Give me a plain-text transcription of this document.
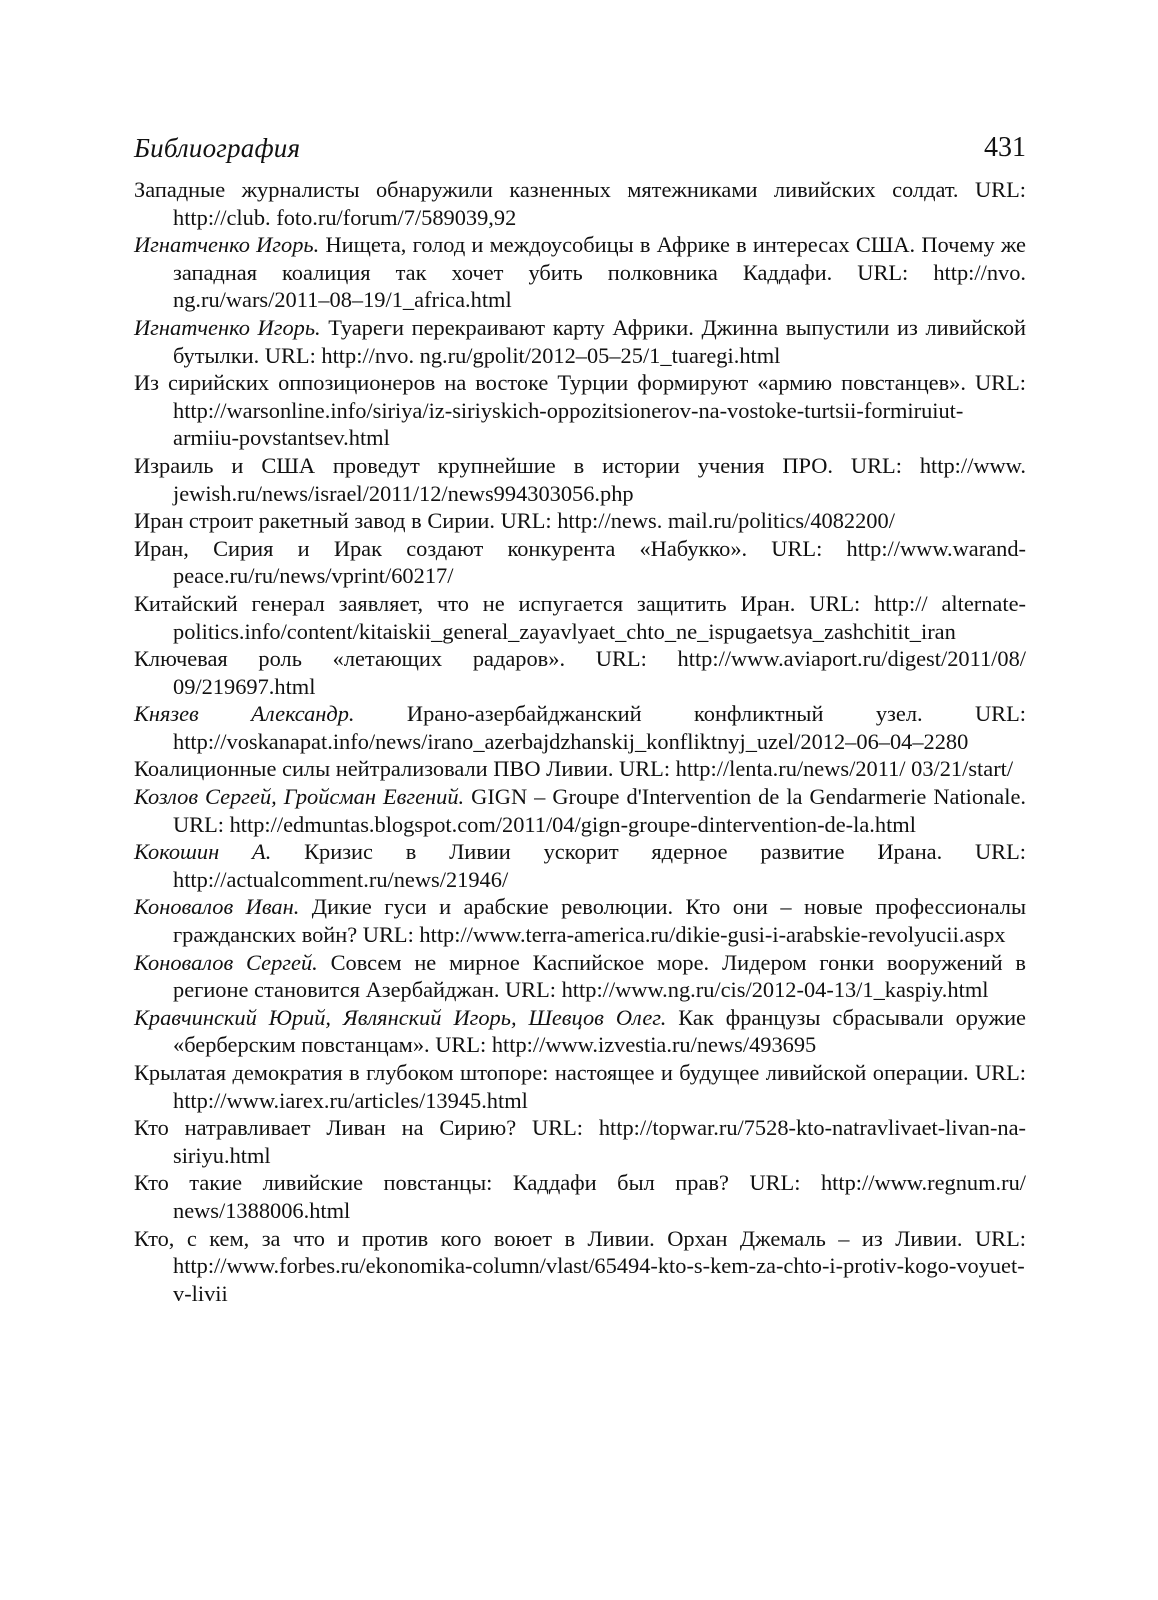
Библиография	431
Западные журналисты обнаружили казненных мятежниками ливийских солдат. URL: http://club. foto.ru/forum/7/589039,92
Игнатченко Игорь. Нищета, голод и междоусобицы в Африке в интересах США. Почему же западная коалиция так хочет убить полковника Каддафи. URL: http://nvo. ng.ru/wars/2011–08–19/1_africa.html
Игнатченко Игорь. Туареги перекраивают карту Африки. Джинна выпустили из ливийской бутылки. URL: http://nvo. ng.ru/gpolit/2012–05–25/1_tuaregi.html
Из сирийских оппозиционеров на востоке Турции формируют «армию повстанцев». URL: http://warsonline.info/siriya/iz-siriyskich-oppozitsionerov-na-vostoke-turtsii-formiruiut-armiiu-povstantsev.html
Израиль и США проведут крупнейшие в истории учения ПРО. URL: http://www. jewish.ru/news/israel/2011/12/news994303056.php
Иран строит ракетный завод в Сирии. URL: http://news. mail.ru/politics/4082200/
Иран, Сирия и Ирак создают конкурента «Набукко». URL: http://www.warand-peace.ru/ru/news/vprint/60217/
Китайский генерал заявляет, что не испугается защитить Иран. URL: http:// alternate-politics.info/content/kitaiskii_general_zayavlyaet_chto_ne_ispugaetsya_zashchitit_iran
Ключевая роль «летающих радаров». URL: http://www.aviaport.ru/digest/2011/08/ 09/219697.html
Князев Александр. Ирано-азербайджанский конфликтный узел. URL: http://voskanapat.info/news/irano_azerbajdzhanskij_konfliktnyj_uzel/2012–06–04–2280
Коалиционные силы нейтрализовали ПВО Ливии. URL: http://lenta.ru/news/2011/ 03/21/start/
Козлов Сергей, Гройсман Евгений. GIGN – Groupe d'Intervention de la Gendarmerie Nationale. URL: http://edmuntas.blogspot.com/2011/04/gign-groupe-dintervention-de-la.html
Кокошин А. Кризис в Ливии ускорит ядерное развитие Ирана. URL: http://actualcomment.ru/news/21946/
Коновалов Иван. Дикие гуси и арабские революции. Кто они – новые профессионалы гражданских войн? URL: http://www.terra-america.ru/dikie-gusi-i-arabskie-revolyucii.aspx
Коновалов Сергей. Совсем не мирное Каспийское море. Лидером гонки вооружений в регионе становится Азербайджан. URL: http://www.ng.ru/cis/2012-04-13/1_kaspiy.html
Кравчинский Юрий, Являнский Игорь, Шевцов Олег. Как французы сбрасывали оружие «берберским повстанцам». URL: http://www.izvestia.ru/news/493695
Крылатая демократия в глубоком штопоре: настоящее и будущее ливийской операции. URL: http://www.iarex.ru/articles/13945.html
Кто натравливает Ливан на Сирию? URL: http://topwar.ru/7528-kto-natravlivaet-livan-na-siriyu.html
Кто такие ливийские повстанцы: Каддафи был прав? URL: http://www.regnum.ru/ news/1388006.html
Кто, с кем, за что и против кого воюет в Ливии. Орхан Джемаль – из Ливии. URL: http://www.forbes.ru/ekonomika-column/vlast/65494-kto-s-kem-za-chto-i-protiv-kogo-voyuet-v-livii
